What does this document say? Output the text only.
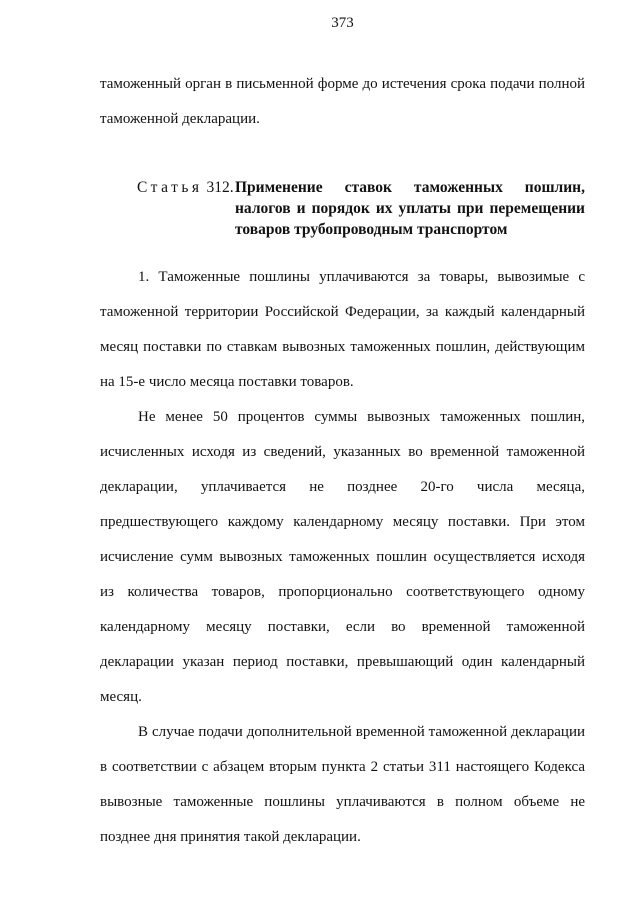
373
таможенный орган в письменной форме до истечения срока подачи полной
таможенной декларации.
Статья 312. Применение ставок таможенных пошлин,
налогов и порядок их уплаты при перемещении
товаров трубопроводным транспортом
1. Таможенные пошлины уплачиваются за товары, вывозимые с
таможенной территории Российской Федерации, за каждый календарный
месяц поставки по ставкам вывозных таможенных пошлин, действующим
на 15-е число месяца поставки товаров.
Не менее 50 процентов суммы вывозных таможенных пошлин,
исчисленных исходя из сведений, указанных во временной таможенной
декларации, уплачивается не позднее 20-го числа месяца,
предшествующего каждому календарному месяцу поставки. При этом
исчисление сумм вывозных таможенных пошлин осуществляется исходя
из количества товаров, пропорционально соответствующего одному
календарному месяцу поставки, если во временной таможенной
декларации указан период поставки, превышающий один календарный
месяц.
В случае подачи дополнительной временной таможенной декларации
в соответствии с абзацем вторым пункта 2 статьи 311 настоящего Кодекса
вывозные таможенные пошлины уплачиваются в полном объеме не
позднее дня принятия такой декларации.
